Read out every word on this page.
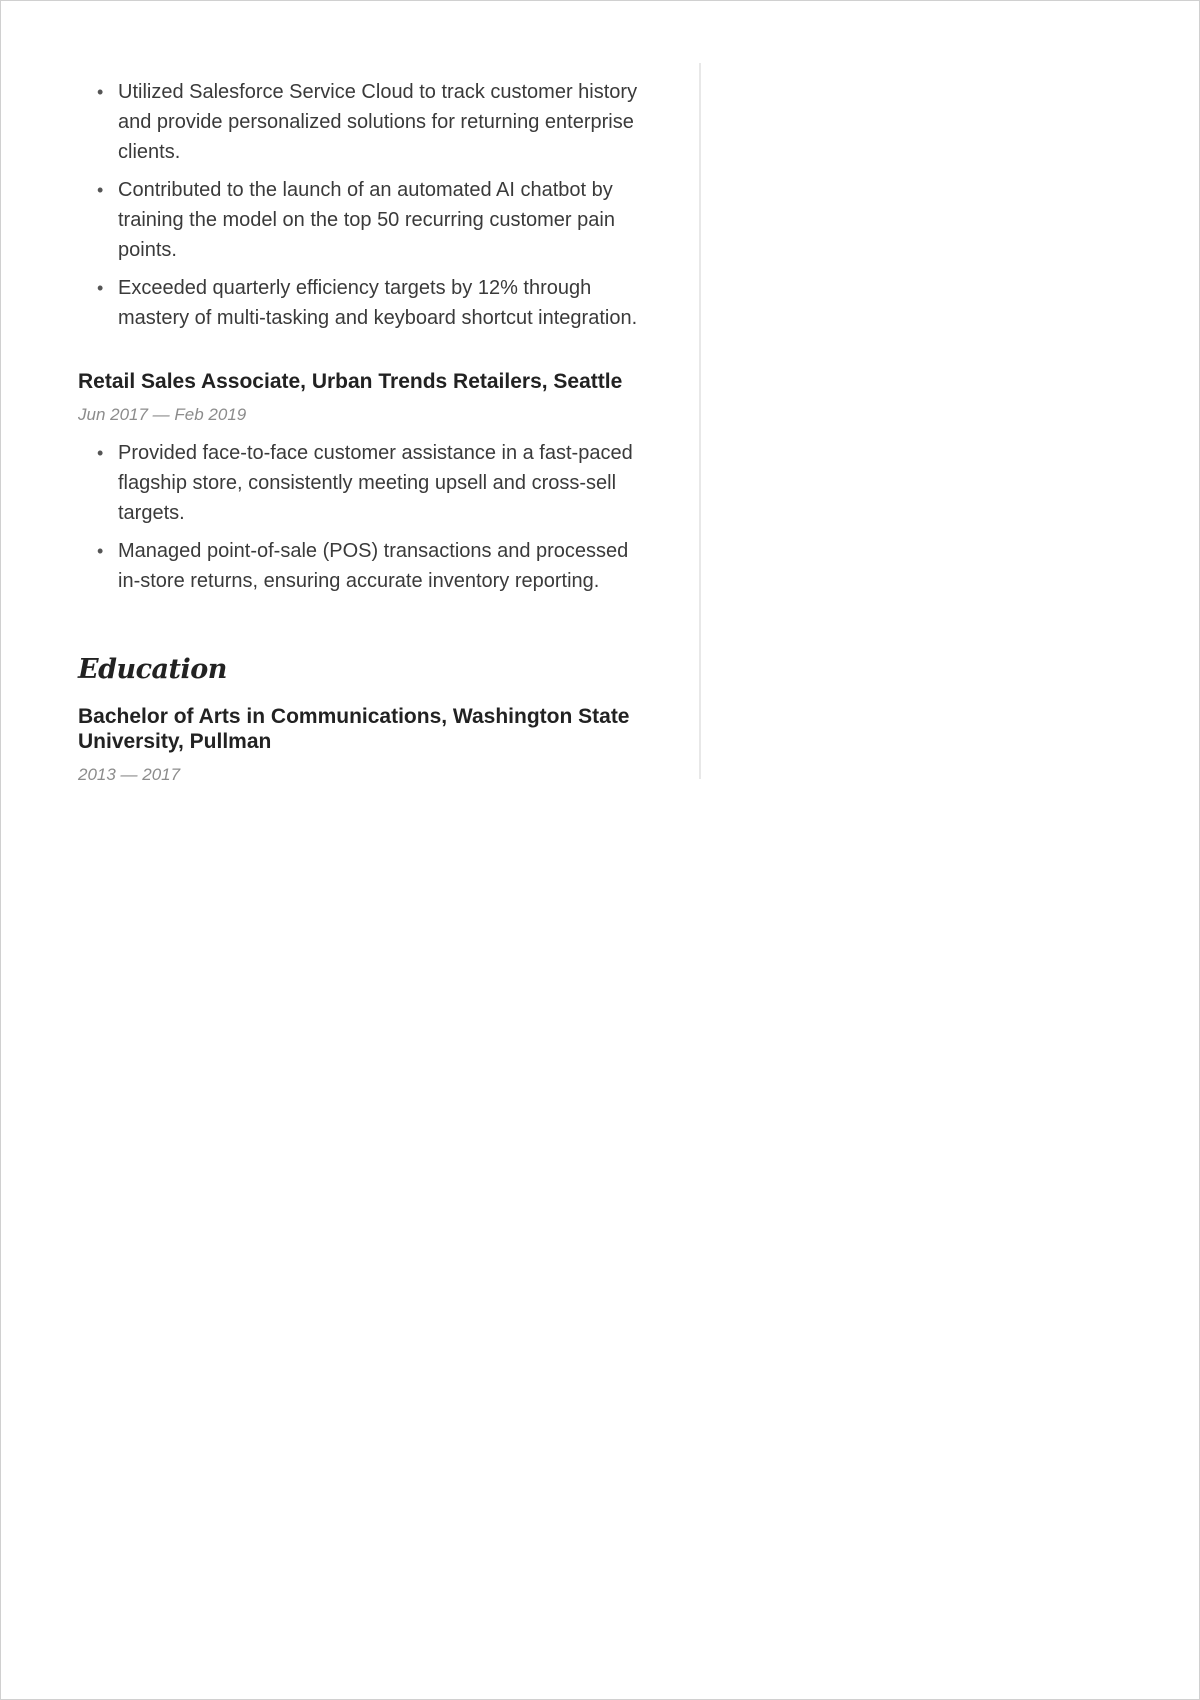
• Utilized Salesforce Service Cloud to track customer history and provide personalized solutions for returning enterprise clients.
• Contributed to the launch of an automated AI chatbot by training the model on the top 50 recurring customer pain points.
• Exceeded quarterly efficiency targets by 12% through mastery of multi-tasking and keyboard shortcut integration.
Retail Sales Associate, Urban Trends Retailers, Seattle

Jun 2017 — Feb 2019

• Provided face-to-face customer assistance in a fast-paced flagship store, consistently meeting upsell and cross-sell targets.
• Managed point-of-sale (POS) transactions and processed in-store returns, ensuring accurate inventory reporting.
Education
Bachelor of Arts in Communications, Washington State University, Pullman

2013 — 2017
